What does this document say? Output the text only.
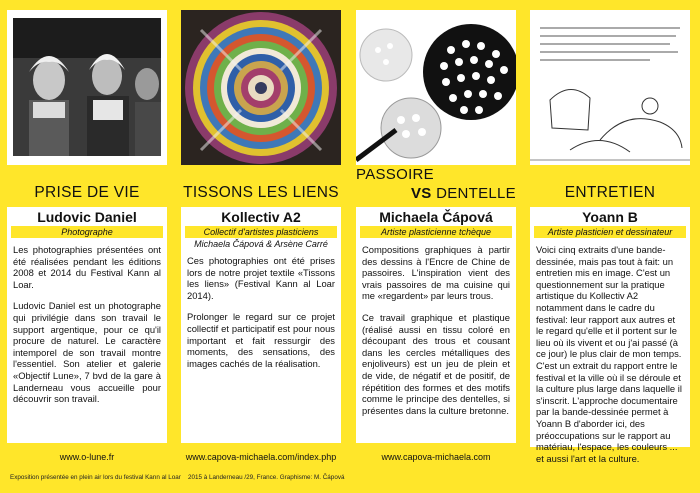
PRISE DE VIE
Ludovic Daniel
Photographe

Les photographies présentées ont été réalisées pendant les éditions 2008 et 2014 du Festival Kann al Loar.

Ludovic Daniel est un photographe qui privilégie dans son travail le support argentique, pour ce qu'il procure de naturel. Le caractère intemporel de son travail montre l'essentiel. Son atelier et galerie «Objectif Lune», 7 bvd de la gare à Landerneau vous accueille pour découvrir son travail.

www.o-lune.fr
TISSONS LES LIENS
Kollectiv A2
Collectif d'artistes plasticiens
Michaela Čápová & Arsène Carré

Ces photographies ont été prises lors de notre projet textile «Tissons les liens» (Festival Kann al Loar 2014).

Prolonger le regard sur ce projet collectif et participatif est pour nous important et fait ressurgir des moments, des sensations, des images cachés de la réalisation.

www.capova-michaela.com/index.php
PASSOIRE
VS DENTELLE
Michaela Čápová
Artiste plasticienne tchèque

Compositions graphiques à partir des dessins à l'Encre de Chine de passoires. L'inspiration vient des vrais passoires de ma cuisine qui me «regardent» par leurs trous.

Ce travail graphique et plastique (réalisé aussi en tissu coloré en découpant des trous et cousant dans les cercles métalliques des enjoliveurs) est un jeu de plein et de vide, de négatif et de positif, de répétition des formes et des motifs comme le principe des dentelles, si présentes dans la culture bretonne.

www.capova-michaela.com
ENTRETIEN
Yoann B
Artiste plasticien et dessinateur

Voici cinq extraits d'une bande-dessinée, mais pas tout à fait: un entretien mis en image. C'est un questionnement sur la pratique artistique du Kollectiv A2 notamment dans le cadre du festival: leur rapport aux autres et le regard qu'elle et il portent sur le lieu où ils vivent et ou j'ai passé (à ce jour) le plus clair de mon temps. C'est un extrait du rapport entre le festival et la ville où il se déroule et la culture plus large dans laquelle il s'inscrit. L'approche documentaire par la bande-dessinée permet à Yoann B d'aborder ici, des préoccupations sur le rapport au matériau, l'espace, les couleurs ... et aussi l'art et la culture.

Exposition présentée en plein air lors du festival Kann al Loar 2015 à Landerneau /29, France. Graphisme: M. Čápová
